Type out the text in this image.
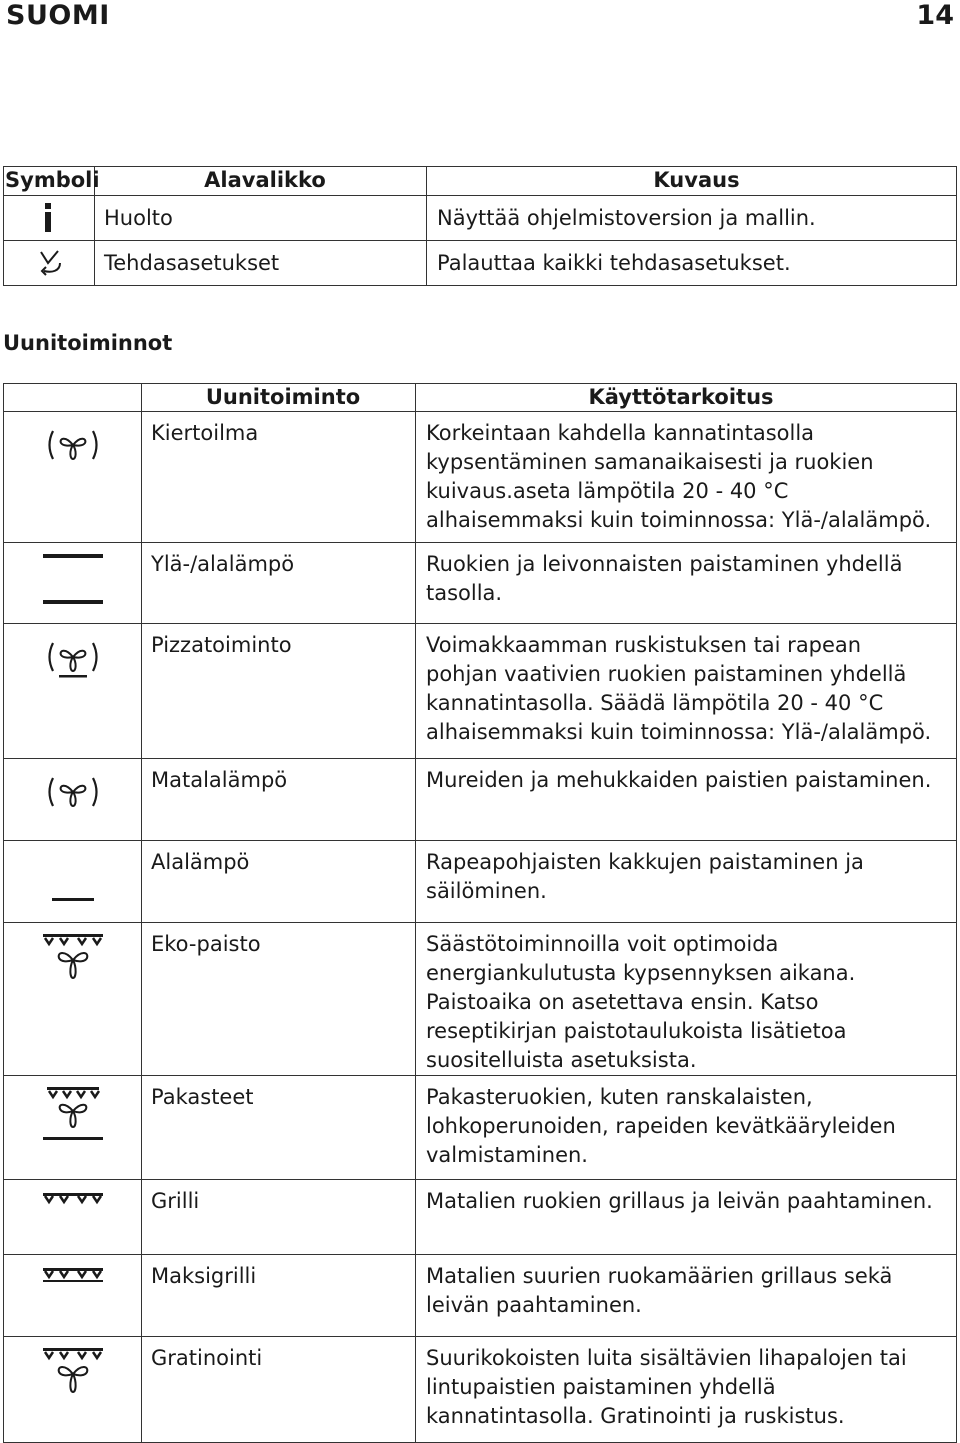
SUOMI	14
Symboli	Alavalikko	Kuvaus

	Huolto	Näyttää ohjelmistoversion ja mallin.

	Tehdasasetukset	Palauttaa kaikki tehdasasetukset.
Uunitoiminnot
	Uunitoiminto	Käyttötarkoitus

	Kiertoilma	Korkeintaan kahdella kannatintasolla kypsentäminen samanaikaisesti ja ruokien kuivaus.aseta lämpötila 20 - 40 °C alhaisemmaksi kuin toiminnossa: Ylä-/alalämpö.

	Ylä-/alalämpö	Ruokien ja leivonnaisten paistaminen yhdellä tasolla.

	Pizzatoiminto	Voimakkaamman ruskistuksen tai rapean pohjan vaativien ruokien paistaminen yhdellä kannatintasolla. Säädä lämpötila 20 - 40 °C alhaisemmaksi kuin toiminnossa: Ylä-/alalämpö.

	Matalalämpö	Mureiden ja mehukkaiden paistien paistaminen.

	Alalämpö	Rapeapohjaisten kakkujen paistaminen ja säilöminen.

	Eko-paisto	Säästötoiminnoilla voit optimoida energiankulutusta kypsennyksen aikana. Paistoaika on asetettava ensin. Katso reseptikirjan paistotaulukoista lisätietoa suositelluista asetuksista.

	Pakasteet	Pakasteruokien, kuten ranskalaisten, lohkoperunoiden, rapeiden kevätkääryleiden valmistaminen.

	Grilli	Matalien ruokien grillaus ja leivän paahtaminen.

	Maksigrilli	Matalien suurien ruokamäärien grillaus sekä leivän paahtaminen.

	Gratinointi	Suurikokoisten luita sisältävien lihapalojen tai lintupaistien paistaminen yhdellä kannatintasolla. Gratinointi ja ruskistus.
